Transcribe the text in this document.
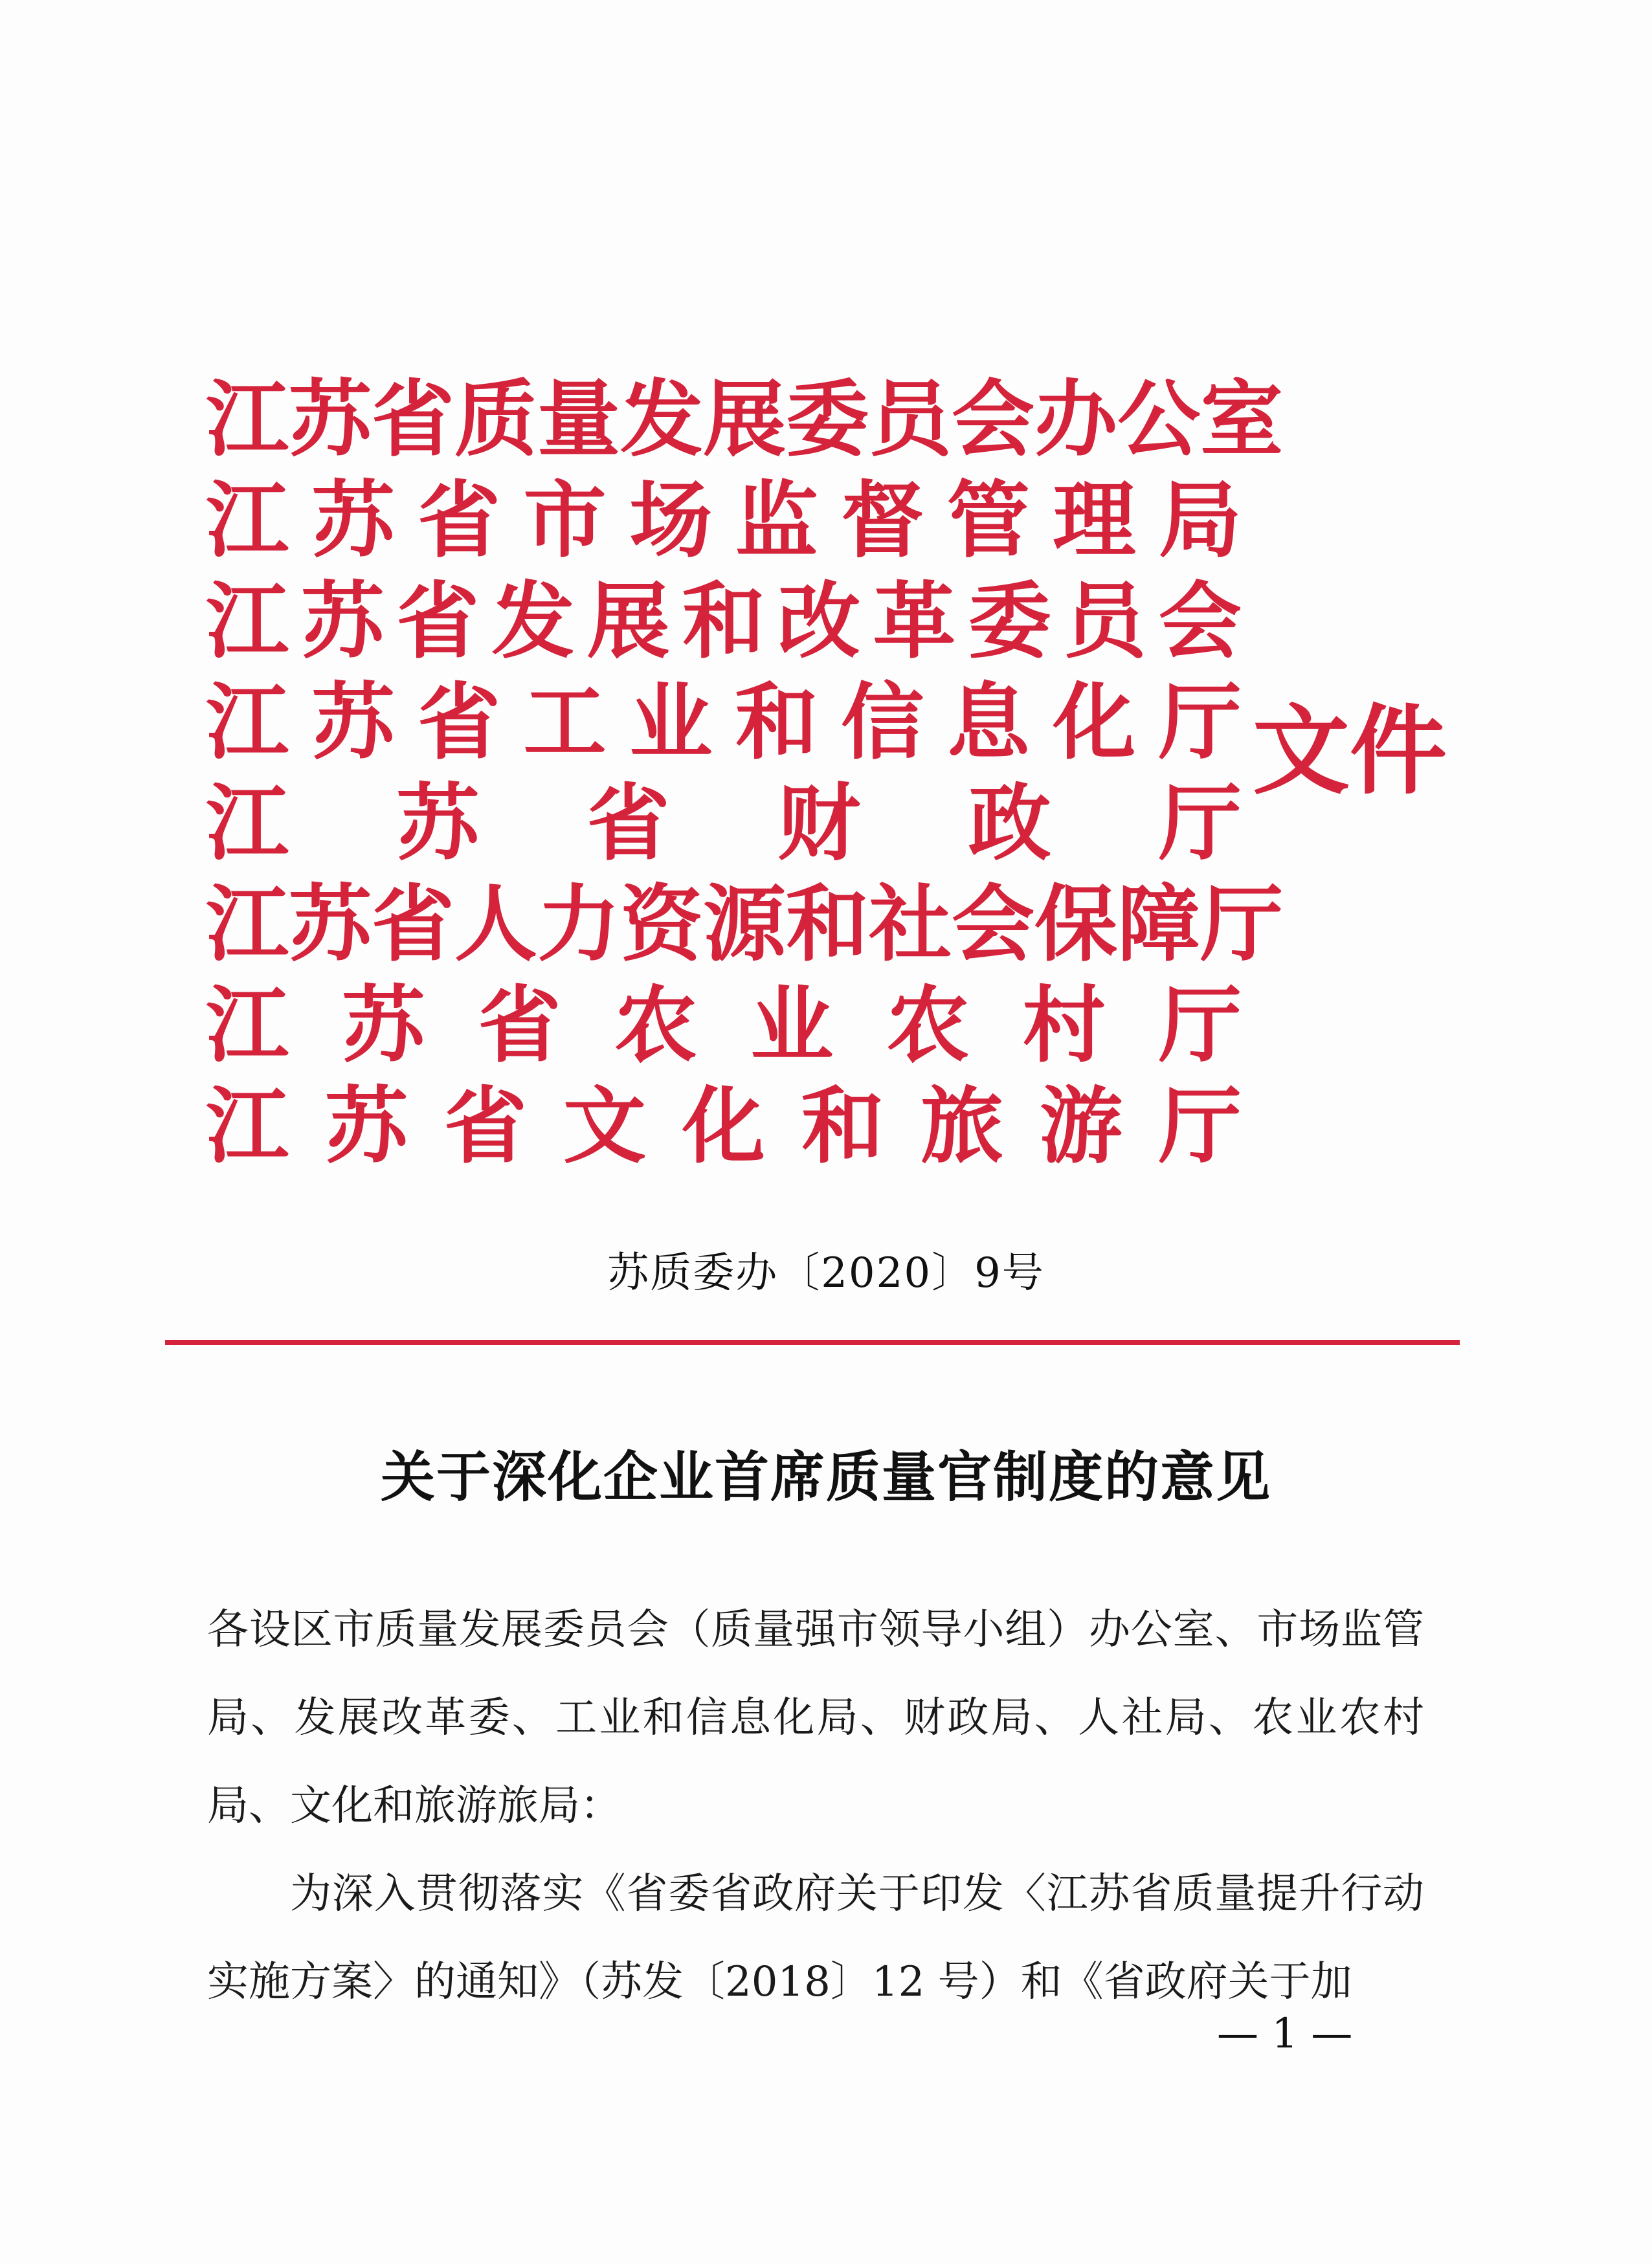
江 苏 省 质 量 发 展 委 员 会 办 公 室
江 苏 省 市 场 监 督 管 理 局
江 苏 省 发 展 和 改 革 委 员 会
江 苏 省 工 业 和 信 息 化 厅
江 苏 省 财 政 厅
江 苏 省 人 力 资 源 和 社 会 保 障 厅
江 苏 省 农 业 农 村 厅
江 苏 省 文 化 和 旅 游 厅
文件
苏质委办〔2020〕9号
关于深化企业首席质量官制度的意见

各设区市质量发展委员会（质量强市领导小组）办公室、市场监管局、发展改革委、工业和信息化局、财政局、人社局、农业农村局、文化和旅游旅局：

为深入贯彻落实《省委省政府关于印发〈江苏省质量提升行动实施方案〉的通知》（苏发〔2018〕12 号）和《省政府关于加

— 1 —
